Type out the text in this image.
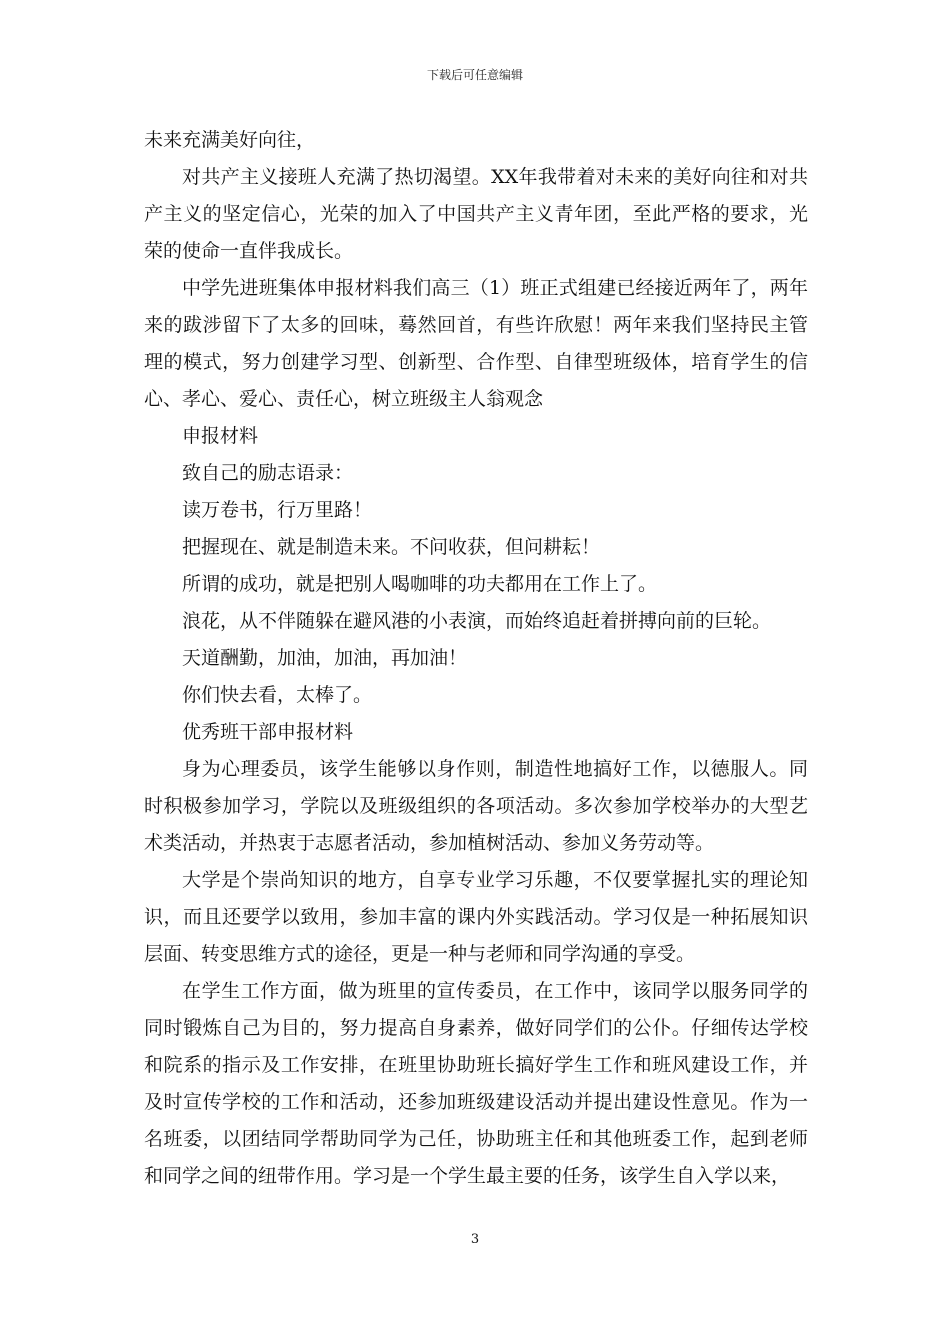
下载后可任意编辑

未来充满美好向往，

对共产主义接班人充满了热切渴望。XX年我带着对未来的美好向往和对共产主义的坚定信心，光荣的加入了中国共产主义青年团，至此严格的要求，光荣的使命一直伴我成长。

中学先进班集体申报材料我们高三（1）班正式组建已经接近两年了，两年来的跋涉留下了太多的回味，蓦然回首，有些许欣慰！两年来我们坚持民主管理的模式，努力创建学习型、创新型、合作型、自律型班级体，培育学生的信心、孝心、爱心、责任心，树立班级主人翁观念

申报材料

致自己的励志语录：

读万卷书，行万里路！

把握现在、就是制造未来。不问收获，但问耕耘！

所谓的成功，就是把别人喝咖啡的功夫都用在工作上了。

浪花，从不伴随躲在避风港的小表演，而始终追赶着拼搏向前的巨轮。

天道酬勤，加油，加油，再加油！

你们快去看，太棒了。

优秀班干部申报材料

身为心理委员，该学生能够以身作则，制造性地搞好工作，以德服人。同时积极参加学习，学院以及班级组织的各项活动。多次参加学校举办的大型艺术类活动，并热衷于志愿者活动，参加植树活动、参加义务劳动等。

大学是个崇尚知识的地方，自享专业学习乐趣，不仅要掌握扎实的理论知识，而且还要学以致用，参加丰富的课内外实践活动。学习仅是一种拓展知识层面、转变思维方式的途径，更是一种与老师和同学沟通的享受。

在学生工作方面，做为班里的宣传委员，在工作中，该同学以服务同学的同时锻炼自己为目的，努力提高自身素养，做好同学们的公仆。仔细传达学校和院系的指示及工作安排，在班里协助班长搞好学生工作和班风建设工作，并及时宣传学校的工作和活动，还参加班级建设活动并提出建设性意见。作为一名班委，以团结同学帮助同学为己任，协助班主任和其他班委工作，起到老师和同学之间的纽带作用。学习是一个学生最主要的任务，该学生自入学以来，

3
